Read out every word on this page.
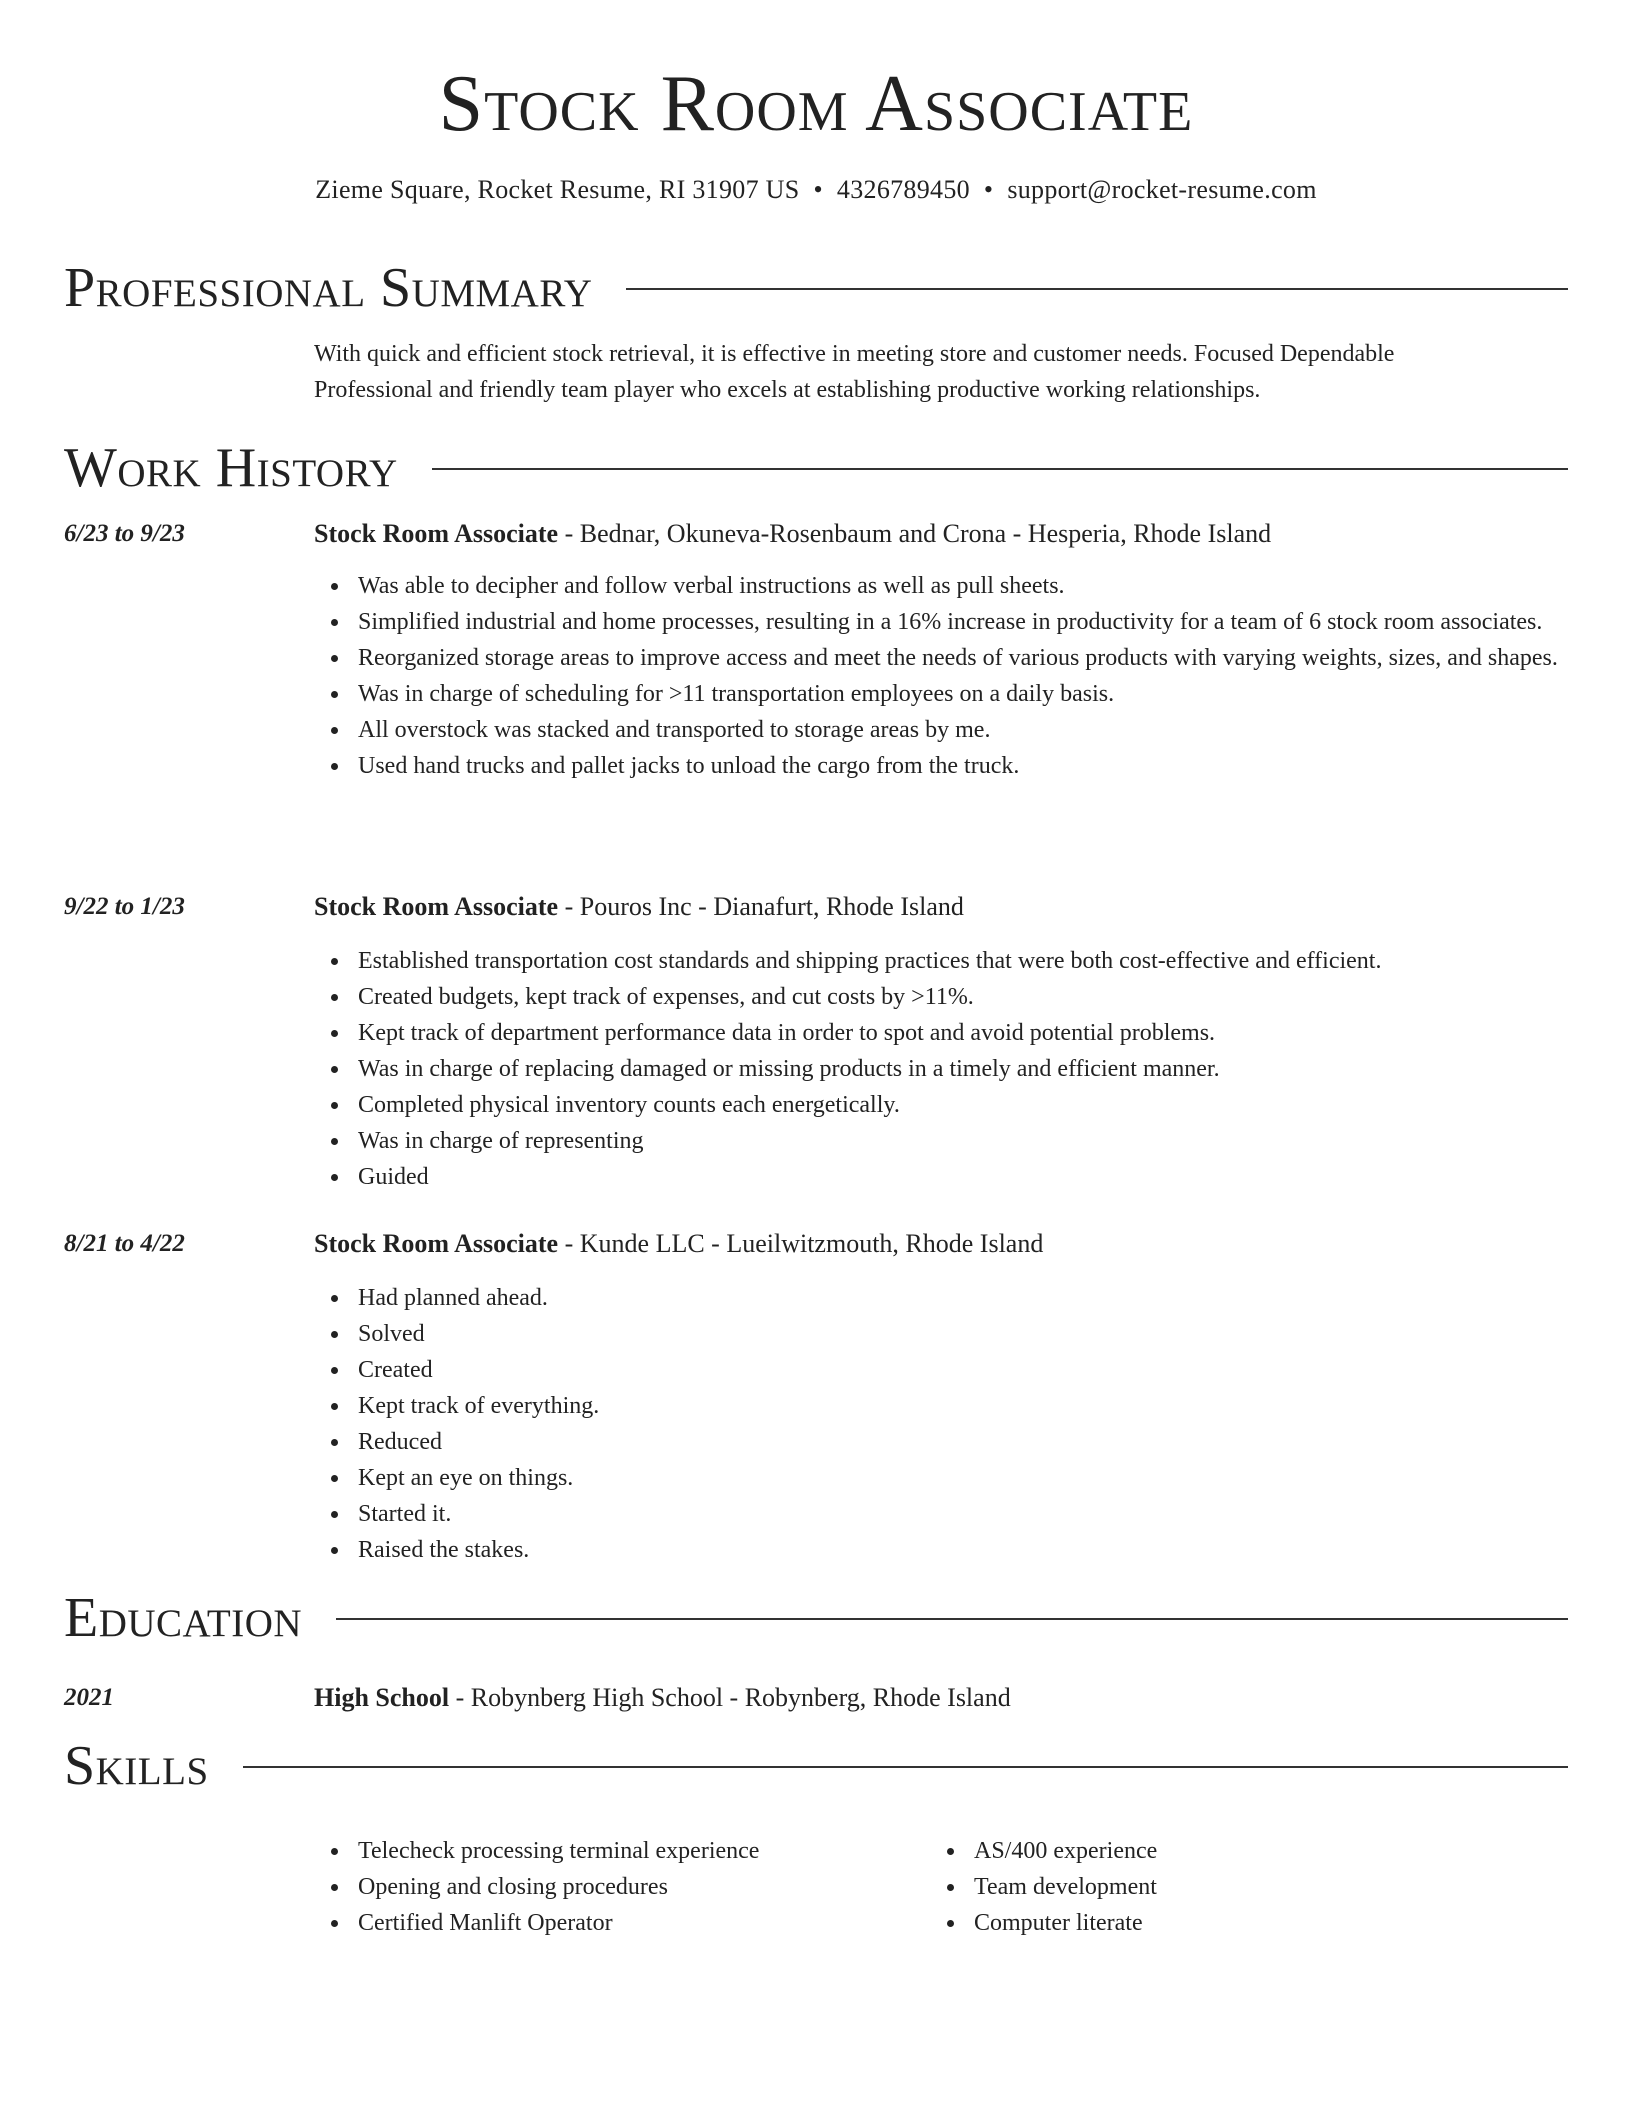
Stock Room Associate
Zieme Square, Rocket Resume, RI 31907 US • 4326789450 • support@rocket-resume.com
Professional Summary

With quick and efficient stock retrieval, it is effective in meeting store and customer needs. Focused Dependable Professional and friendly team player who excels at establishing productive working relationships.

Work History
6/23 to 9/23	Stock Room Associate - Bednar, Okuneva-Rosenbaum and Crona - Hesperia, Rhode Island
Was able to decipher and follow verbal instructions as well as pull sheets.
Simplified industrial and home processes, resulting in a 16% increase in productivity for a team of 6 stock room associates.
Reorganized storage areas to improve access and meet the needs of various products with varying weights, sizes, and shapes.
Was in charge of scheduling for >11 transportation employees on a daily basis.
All overstock was stacked and transported to storage areas by me.
Used hand trucks and pallet jacks to unload the cargo from the truck.
9/22 to 1/23	Stock Room Associate - Pouros Inc - Dianafurt, Rhode Island
Established transportation cost standards and shipping practices that were both cost-effective and efficient.
Created budgets, kept track of expenses, and cut costs by >11%.
Kept track of department performance data in order to spot and avoid potential problems.
Was in charge of replacing damaged or missing products in a timely and efficient manner.
Completed physical inventory counts each energetically.
Was in charge of representing
Guided
8/21 to 4/22	Stock Room Associate - Kunde LLC - Lueilwitzmouth, Rhode Island
Had planned ahead.
Solved
Created
Kept track of everything.
Reduced
Kept an eye on things.
Started it.
Raised the stakes.
Education
2021	High School - Robynberg High School - Robynberg, Rhode Island
Skills
Telecheck processing terminal experience
Opening and closing procedures
Certified Manlift Operator
AS/400 experience
Team development
Computer literate
